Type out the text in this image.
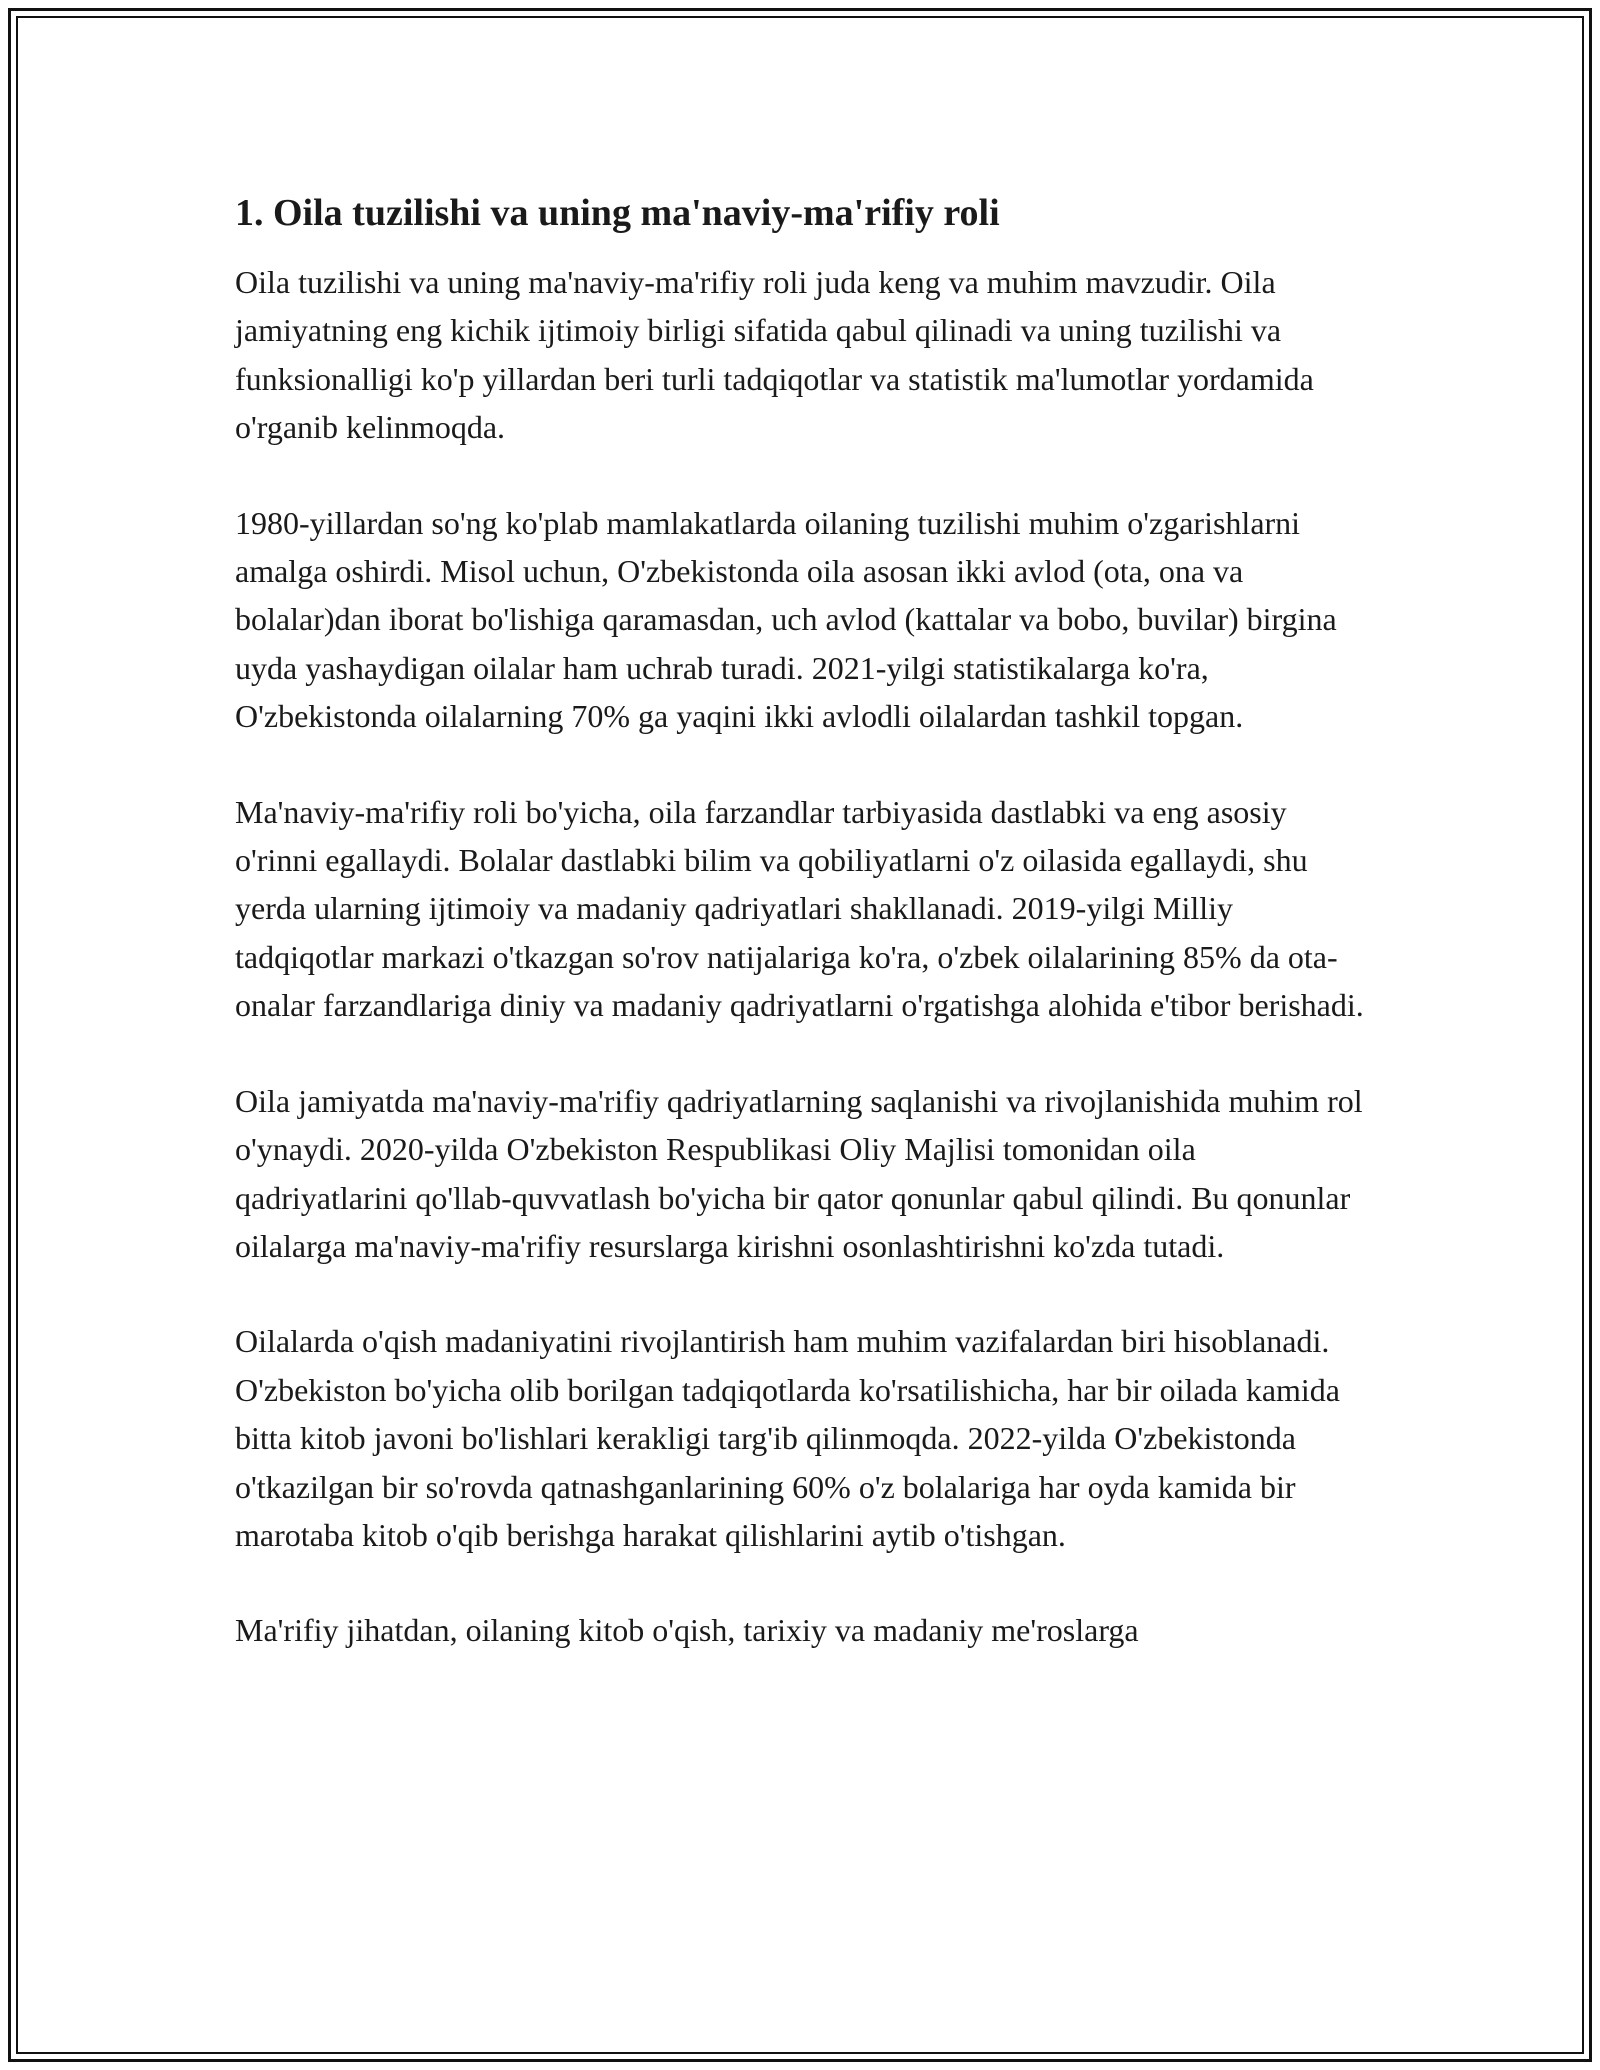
1. Oila tuzilishi va uning ma'naviy-ma'rifiy roli

Oila tuzilishi va uning ma'naviy-ma'rifiy roli juda keng va muhim mavzudir. Oila jamiyatning eng kichik ijtimoiy birligi sifatida qabul qilinadi va uning tuzilishi va funksionalligi ko'p yillardan beri turli tadqiqotlar va statistik ma'lumotlar yordamida o'rganib kelinmoqda.

1980-yillardan so'ng ko'plab mamlakatlarda oilaning tuzilishi muhim o'zgarishlarni amalga oshirdi. Misol uchun, O'zbekistonda oila asosan ikki avlod (ota, ona va bolalar)dan iborat bo'lishiga qaramasdan, uch avlod (kattalar va bobo, buvilar) birgina uyda yashaydigan oilalar ham uchrab turadi. 2021-yilgi statistikalarga ko'ra, O'zbekistonda oilalarning 70% ga yaqini ikki avlodli oilalardan tashkil topgan.

Ma'naviy-ma'rifiy roli bo'yicha, oila farzandlar tarbiyasida dastlabki va eng asosiy o'rinni egallaydi. Bolalar dastlabki bilim va qobiliyatlarni o'z oilasida egallaydi, shu yerda ularning ijtimoiy va madaniy qadriyatlari shakllanadi. 2019-yilgi Milliy tadqiqotlar markazi o'tkazgan so'rov natijalariga ko'ra, o'zbek oilalarining 85% da ota-onalar farzandlariga diniy va madaniy qadriyatlarni o'rgatishga alohida e'tibor berishadi.

Oila jamiyatda ma'naviy-ma'rifiy qadriyatlarning saqlanishi va rivojlanishida muhim rol o'ynaydi. 2020-yilda O'zbekiston Respublikasi Oliy Majlisi tomonidan oila qadriyatlarini qo'llab-quvvatlash bo'yicha bir qator qonunlar qabul qilindi. Bu qonunlar oilalarga ma'naviy-ma'rifiy resurslarga kirishni osonlashtirishni ko'zda tutadi.

Oilalarda o'qish madaniyatini rivojlantirish ham muhim vazifalardan biri hisoblanadi. O'zbekiston bo'yicha olib borilgan tadqiqotlarda ko'rsatilishicha, har bir oilada kamida bitta kitob javoni bo'lishlari kerakligi targ'ib qilinmoqda. 2022-yilda O'zbekistonda o'tkazilgan bir so'rovda qatnashganlarining 60% o'z bolalariga har oyda kamida bir marotaba kitob o'qib berishga harakat qilishlarini aytib o'tishgan.

Ma'rifiy jihatdan, oilaning kitob o'qish, tarixiy va madaniy me'roslarga
